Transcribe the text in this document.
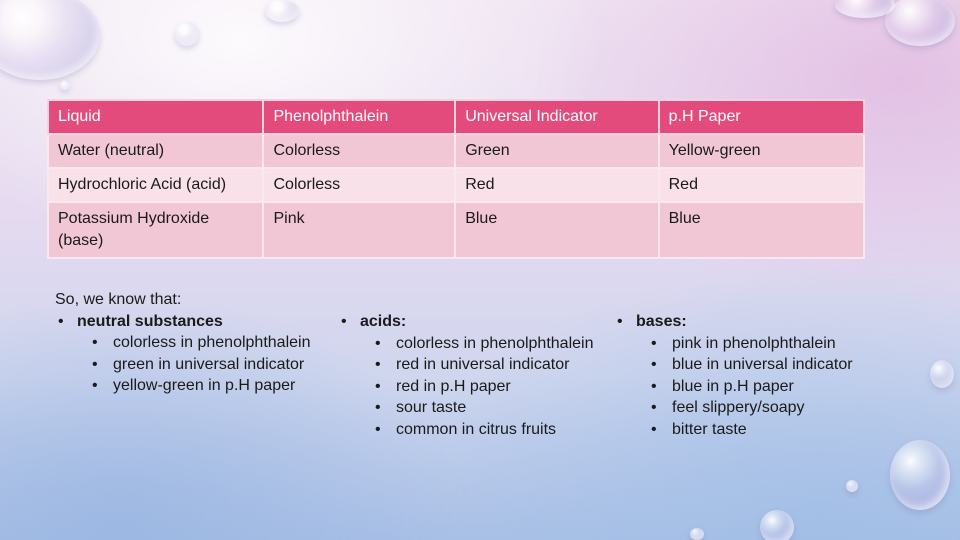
Liquid	Phenolphthalein	Universal Indicator	p.H Paper
Water (neutral)	Colorless	Green	Yellow-green
Hydrochloric Acid (acid)	Colorless	Red	Red
Potassium Hydroxide (base)	Pink	Blue	Blue
So, we know that:
• neutral substances
• colorless in phenolphthalein
• green in universal indicator
• yellow-green in p.H paper
• acids:
• colorless in phenolphthalein
• red in universal indicator
• red in p.H paper
• sour taste
• common in citrus fruits
• bases:
• pink in phenolphthalein
• blue in universal indicator
• blue in p.H paper
• feel slippery/soapy
• bitter taste
